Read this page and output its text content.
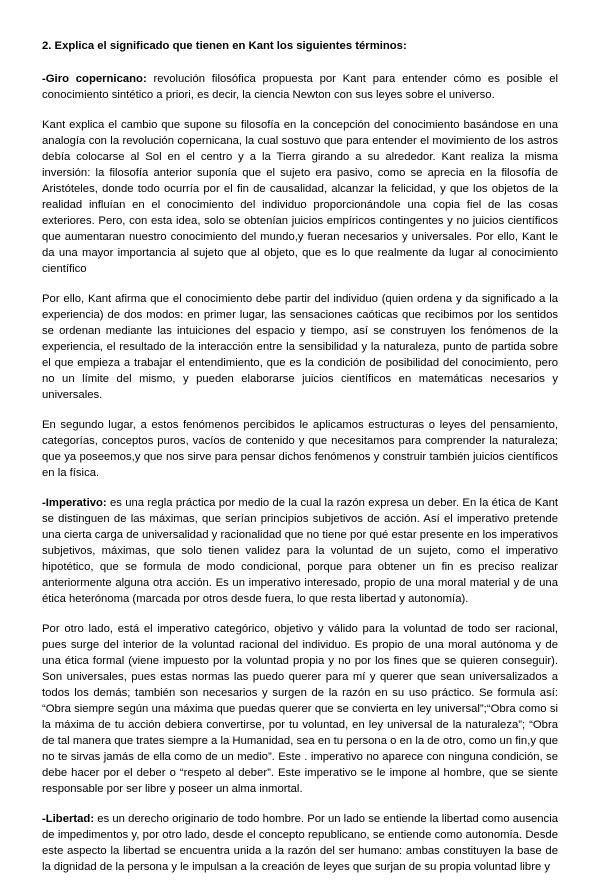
2. Explica el significado que tienen en Kant los siguientes términos:

-Giro copernicano: revolución filosófica propuesta por Kant para entender cómo es posible el conocimiento sintético a priori, es decir, la ciencia Newton con sus leyes sobre el universo.

Kant explica el cambio que supone su filosofía en la concepción del conocimiento basándose en una analogía con la revolución copernicana, la cual sostuvo que para entender el movimiento de los astros debía colocarse al Sol en el centro y a la Tierra girando a su alrededor. Kant realiza la misma inversión: la filosofía anterior suponía que el sujeto era pasivo, como se aprecia en la filosofía de Aristóteles, donde todo ocurría por el fin de causalidad, alcanzar la felicidad, y que los objetos de la realidad influían en el conocimiento del individuo proporcionándole una copia fiel de las cosas exteriores. Pero, con esta idea, solo se obtenían juicios empíricos contingentes y no juicios científicos que aumentaran nuestro conocimiento del mundo,y fueran necesarios y universales. Por ello, Kant le da una mayor importancia al sujeto que al objeto, que es lo que realmente da lugar al conocimiento científico

Por ello, Kant afirma que el conocimiento debe partir del individuo (quien ordena y da significado a la experiencia) de dos modos: en primer lugar, las sensaciones caóticas que recibimos por los sentidos se ordenan mediante las intuiciones del espacio y tiempo, así se construyen los fenómenos de la experiencia, el resultado de la interacción entre la sensibilidad y la naturaleza, punto de partida sobre el que empieza a trabajar el entendimiento, que es la condición de posibilidad del conocimiento, pero no un límite del mismo, y pueden elaborarse juicios científicos en matemáticas necesarios y universales.

En segundo lugar, a estos fenómenos percibidos le aplicamos estructuras o leyes del pensamiento, categorías, conceptos puros, vacíos de contenido y que necesitamos para comprender la naturaleza; que ya poseemos,y que nos sirve para pensar dichos fenómenos y construir también juicios científicos en la física.

-Imperativo: es una regla práctica por medio de la cual la razón expresa un deber. En la ética de Kant se distinguen de las máximas, que serían principios subjetivos de acción. Así el imperativo pretende una cierta carga de universalidad y racionalidad que no tiene por qué estar presente en los imperativos subjetivos, máximas, que solo tienen validez para la voluntad de un sujeto, como el imperativo hipotético, que se formula de modo condicional, porque para obtener un fin es preciso realizar anteriormente alguna otra acción. Es un imperativo interesado, propio de una moral material y de una ética heterónoma (marcada por otros desde fuera, lo que resta libertad y autonomía).

Por otro lado, está el imperativo categórico, objetivo y válido para la voluntad de todo ser racional, pues surge del interior de la voluntad racional del individuo. Es propio de una moral autónoma y de una ética formal (viene impuesto por la voluntad propia y no por los fines que se quieren conseguir). Son universales, pues estas normas las puedo querer para mí y querer que sean universalizados a todos los demás; también son necesarios y surgen de la razón en su uso práctico. Se formula así: “Obra siempre según una máxima que puedas querer que se convierta en ley universal”;“Obra como si la máxima de tu acción debiera convertirse, por tu voluntad, en ley universal de la naturaleza”; “Obra de tal manera que trates siempre a la Humanidad, sea en tu persona o en la de otro, como un fin,y que no te sirvas jamás de ella como de un medio”. Este . imperativo no aparece con ninguna condición, se debe hacer por el deber o “respeto al deber”. Este imperativo se le impone al hombre, que se siente responsable por ser libre y poseer un alma inmortal.

-Libertad: es un derecho originario de todo hombre. Por un lado se entiende la libertad como ausencia de impedimentos y, por otro lado, desde el concepto republicano, se entiende como autonomía. Desde este aspecto la libertad se encuentra unida a la razón del ser humano: ambas constituyen la base de la dignidad de la persona y le impulsan a la creación de leyes que surjan de su propia voluntad libre y
